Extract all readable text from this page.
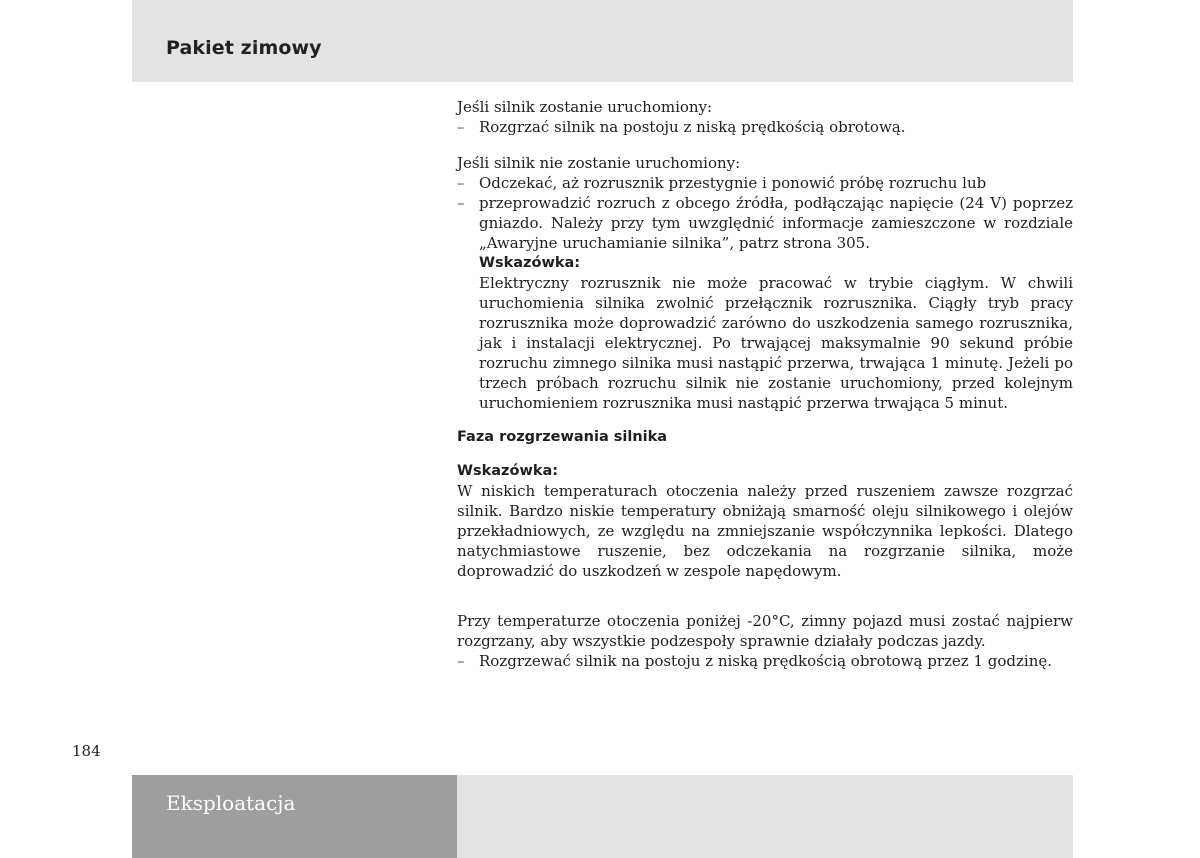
Pakiet zimowy

Jeśli silnik zostanie uruchomiony:

– Rozgrzać silnik na postoju z niską prędkością obrotową.

Jeśli silnik nie zostanie uruchomiony:

– Odczekać, aż rozrusznik przestygnie i ponowić próbę rozruchu lub
– przeprowadzić rozruch z obcego źródła, podłączając napięcie (24 V) poprzez gniazdo. Należy przy tym uwzględnić informacje zamieszczone w rozdziale „Awaryjne uruchamianie silnika”, patrz strona 305.
Wskazówka:
Elektryczny rozrusznik nie może pracować w trybie ciągłym. W chwili uruchomienia silnika zwolnić przełącznik rozrusznika. Ciągły tryb pracy rozrusznika może doprowadzić zarówno do uszkodzenia samego rozrusznika, jak i instalacji elektrycznej. Po trwającej maksymalnie 90 sekund próbie rozruchu zimnego silnika musi nastąpić przerwa, trwająca 1 minutę. Jeżeli po trzech próbach rozruchu silnik nie zostanie uruchomiony, przed kolejnym uruchomieniem rozrusznika musi nastąpić przerwa trwająca 5 minut.
Faza rozgrzewania silnika
Wskazówka:

W niskich temperaturach otoczenia należy przed ruszeniem zawsze rozgrzać silnik. Bardzo niskie temperatury obniżają smarność oleju silnikowego i olejów przekładniowych, ze względu na zmniejszanie współczynnika lepkości. Dlatego natychmiastowe ruszenie, bez odczekania na rozgrzanie silnika, może doprowadzić do uszkodzeń w zespole napędowym.

Przy temperaturze otoczenia poniżej -20°C, zimny pojazd musi zostać najpierw rozgrzany, aby wszystkie podzespoły sprawnie działały podczas jazdy.

– Rozgrzewać silnik na postoju z niską prędkością obrotową przez 1 godzinę.
184
Eksploatacja
